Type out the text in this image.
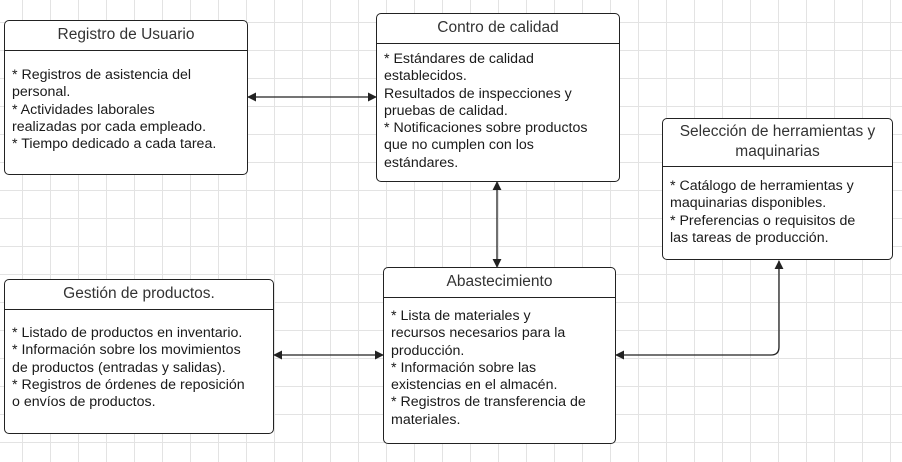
Registro de Usuario
* Registros de asistencia del
personal.
* Actividades laborales
realizadas por cada empleado.
* Tiempo dedicado a cada tarea.
Contro de calidad
* Estándares de calidad
establecidos.
Resultados de inspecciones y
pruebas de calidad.
* Notificaciones sobre productos
que no cumplen con los
estándares.
Selección de herramientas y
maquinarias
* Catálogo de herramientas y
maquinarias disponibles.
* Preferencias o requisitos de
las tareas de producción.
Gestión de productos.
* Listado de productos en inventario.
* Información sobre los movimientos
de productos (entradas y salidas).
* Registros de órdenes de reposición
o envíos de productos.
Abastecimiento
* Lista de materiales y
recursos necesarios para la
producción.
* Información sobre las
existencias en el almacén.
* Registros de transferencia de
materiales.
